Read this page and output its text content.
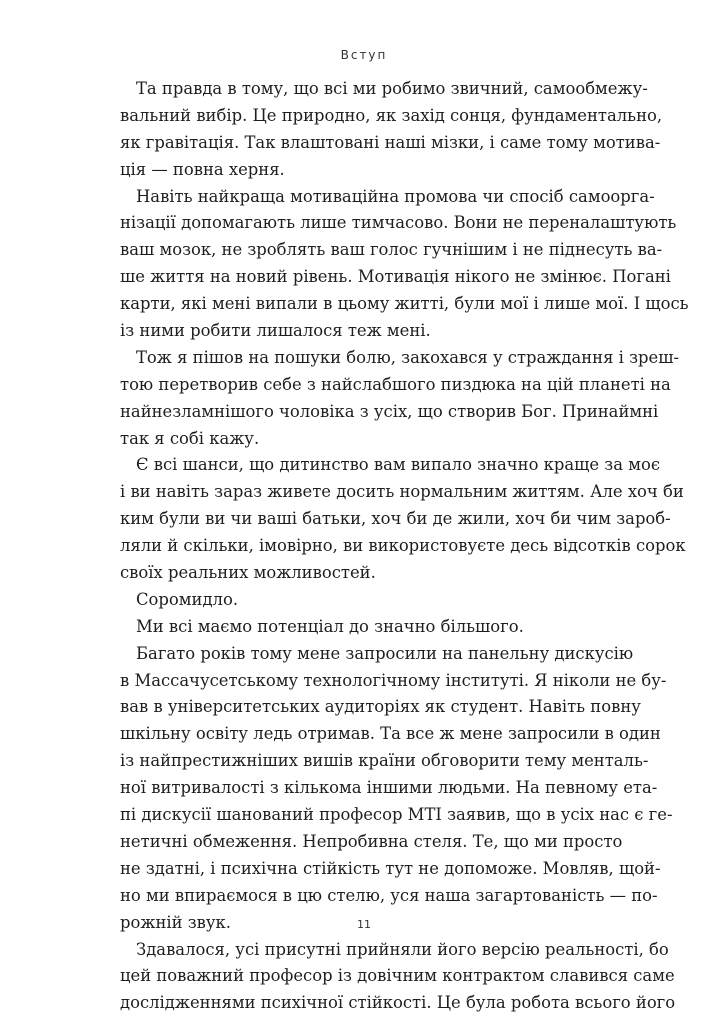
Вступ
Та правда в тому, що всі ми робимо звичний, самообмежу-
вальний вибір. Це природно, як захід сонця, фундаментально,
як гравітація. Так влаштовані наші мізки, і саме тому мотива-
ція — повна херня.
Навіть найкраща мотиваційна промова чи спосіб самоорга-
нізації допомагають лише тимчасово. Вони не переналаштують
ваш мозок, не зроблять ваш голос гучнішим і не піднесуть ва-
ше життя на новий рівень. Мотивація нікого не змінює. Погані
карти, які мені випали в цьому житті, були мої і лише мої. І щось
із ними робити лишалося теж мені.
Тож я пішов на пошуки болю, закохався у страждання і зреш-
тою перетворив себе з найслабшого пиздюка на цій планеті на
найнезламнішого чоловіка з усіх, що створив Бог. Принаймні
так я собі кажу.
Є всі шанси, що дитинство вам випало значно краще за моє
і ви навіть зараз живете досить нормальним життям. Але хоч би
ким були ви чи ваші батьки, хоч би де жили, хоч би чим зароб-
ляли й скільки, імовірно, ви використовуєте десь відсотків сорок
своїх реальних можливостей.
Соромидло.
Ми всі маємо потенціал до значно більшого.
Багато років тому мене запросили на панельну дискусію
в Массачусетському технологічному інституті. Я ніколи не бу-
вав в університетських аудиторіях як студент. Навіть повну
шкільну освіту ледь отримав. Та все ж мене запросили в один
із найпрестижніших вишів країни обговорити тему менталь-
ної витривалості з кількома іншими людьми. На певному ета-
пі дискусії шанований професор МТІ заявив, що в усіх нас є ге-
нетичні обмеження. Непробивна стеля. Те, що ми просто
не здатні, і психічна стійкість тут не допоможе. Мовляв, щой-
но ми впираємося в цю стелю, уся наша загартованість — по-
рожній звук.
Здавалося, усі присутні прийняли його версію реальності, бо
цей поважний професор із довічним контрактом славився саме
дослідженнями психічної стійкості. Це була робота всього його
11
